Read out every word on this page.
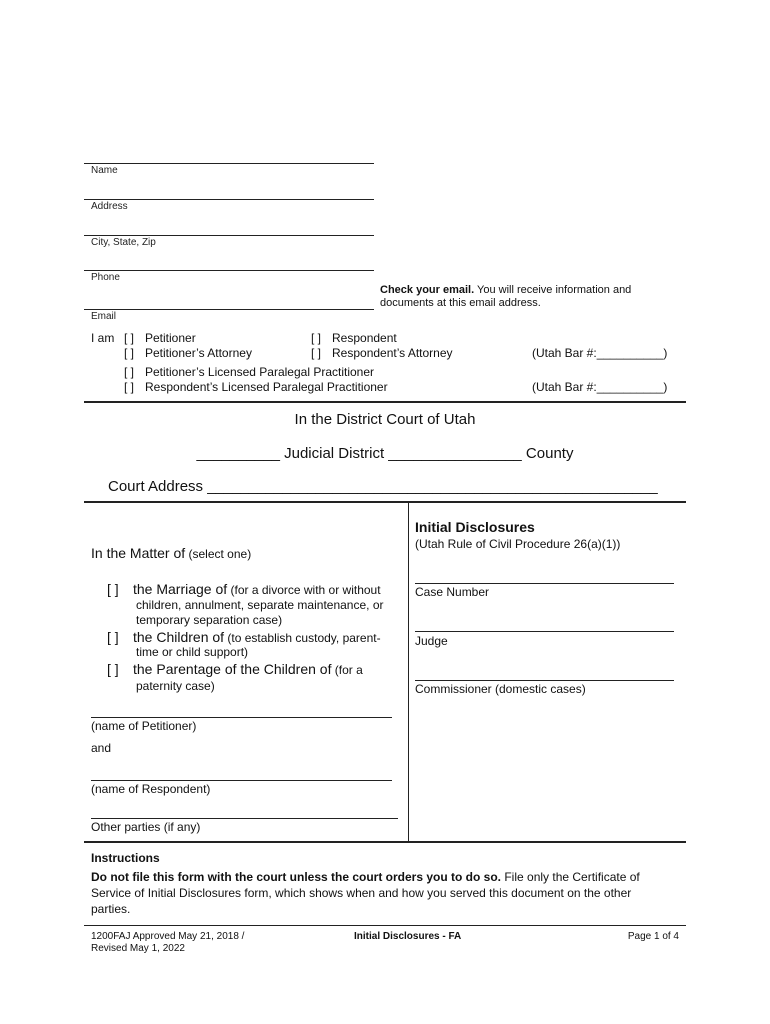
Name
Address
City, State, Zip
Phone
Check your email. You will receive information and
documents at this email address.
Email
I am [ ] Petitioner	[ ] Respondent
[ ] Petitioner’s Attorney	[ ] Respondent’s Attorney	(Utah Bar #:__________)
[ ] Petitioner’s Licensed Paralegal Practitioner
[ ] Respondent’s Licensed Paralegal Practitioner	(Utah Bar #:__________)
In the District Court of Utah
__________ Judicial District ________________ County
Court Address ______________________________________________________
In the Matter of (select one)
[ ] the Marriage of (for a divorce with or without
children, annulment, separate maintenance, or
temporary separation case)
[ ] the Children of (to establish custody, parent-
time or child support)
[ ] the Parentage of the Children of (for a
paternity case)
(name of Petitioner)
and
(name of Respondent)
Other parties (if any)
Initial Disclosures
(Utah Rule of Civil Procedure 26(a)(1))
Case Number
Judge
Commissioner (domestic cases)
Instructions
Do not file this form with the court unless the court orders you to do so. File only the Certificate of
Service of Initial Disclosures form, which shows when and how you served this document on the other
parties.
1200FAJ Approved May 21, 2018 /
Revised May 1, 2022
Initial Disclosures - FA	Page 1 of 4
